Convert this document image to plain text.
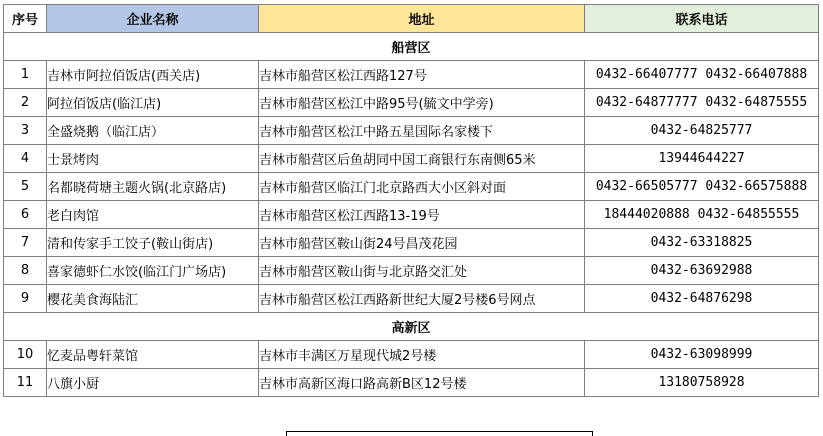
序号	企业名称	地址	联系电话
船营区			
1	吉林市阿拉佰饭店(西关店)	吉林市船营区松江西路127号	0432-66407777 0432-66407888
2	阿拉佰饭店(临江店)	吉林市船营区松江中路95号(毓文中学旁)	0432-64877777 0432-64875555
3	全盛烧鹅（临江店）	吉林市船营区松江中路五星国际名家楼下	0432-64825777
4	士景烤肉	吉林市船营区后鱼胡同中国工商银行东南侧65米	13944644227
5	名都晓荷塘主题火锅(北京路店)	吉林市船营区临江门北京路西大小区斜对面	0432-66505777 0432-66575888
6	老白肉馆	吉林市船营区松江西路13-19号	18444020888 0432-64855555
7	清和传家手工饺子(鞍山街店)	吉林市船营区鞍山街24号昌茂花园	0432-63318825
8	喜家德虾仁水饺(临江门广场店)	吉林市船营区鞍山街与北京路交汇处	0432-63692988
9	樱花美食海陆汇	吉林市船营区松江西路新世纪大厦2号楼6号网点	0432-64876298
高新区			
10	忆麦品粤轩菜馆	吉林市丰满区万星现代城2号楼	0432-63098999
11	八旗小厨	吉林市高新区海口路高新B区12号楼	13180758928
